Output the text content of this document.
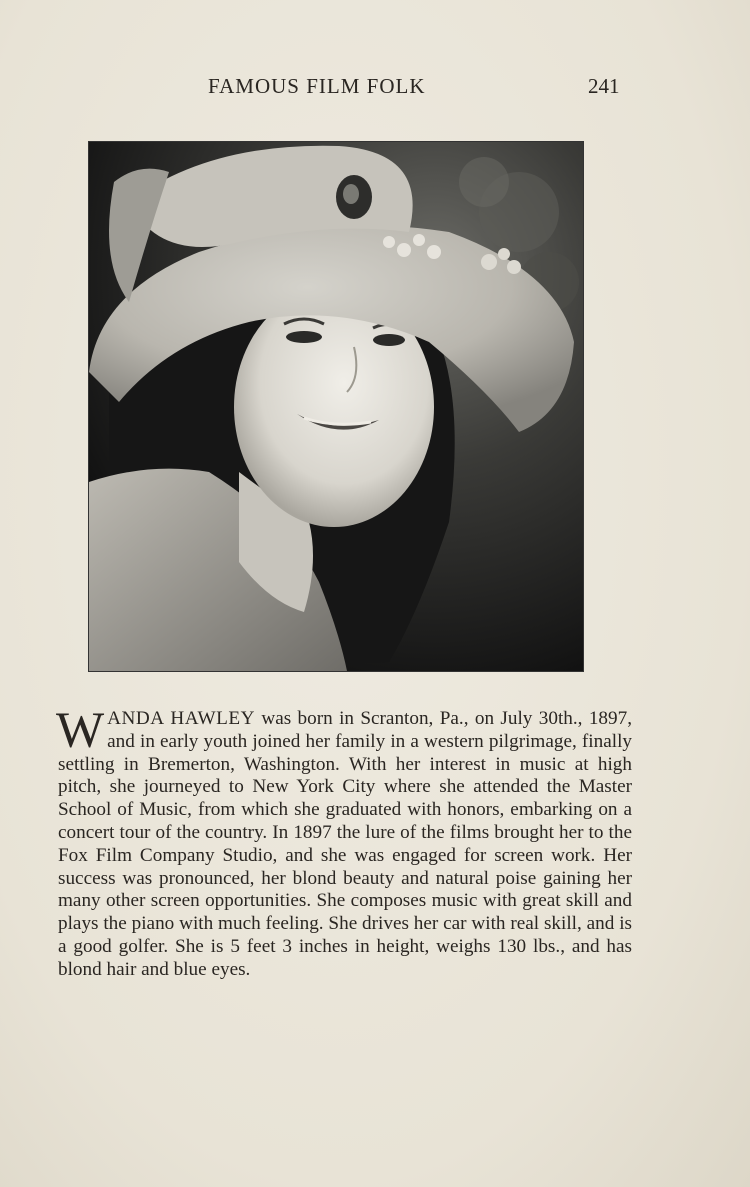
FAMOUS FILM FOLK	241
WANDA HAWLEY was born in Scranton, Pa., on July 30th., 1897, and in early youth joined her family in a western pilgrimage, finally settling in Bremerton, Washington. With her interest in music at high pitch, she journeyed to New York City where she attended the Master School of Music, from which she graduated with honors, embarking on a concert tour of the country. In 1897 the lure of the films brought her to the Fox Film Company Studio, and she was engaged for screen work. Her success was pronounced, her blond beauty and natural poise gaining her many other screen opportunities. She composes music with great skill and plays the piano with much feeling. She drives her car with real skill, and is a good golfer. She is 5 feet 3 inches in height, weighs 130 lbs., and has blond hair and blue eyes.
